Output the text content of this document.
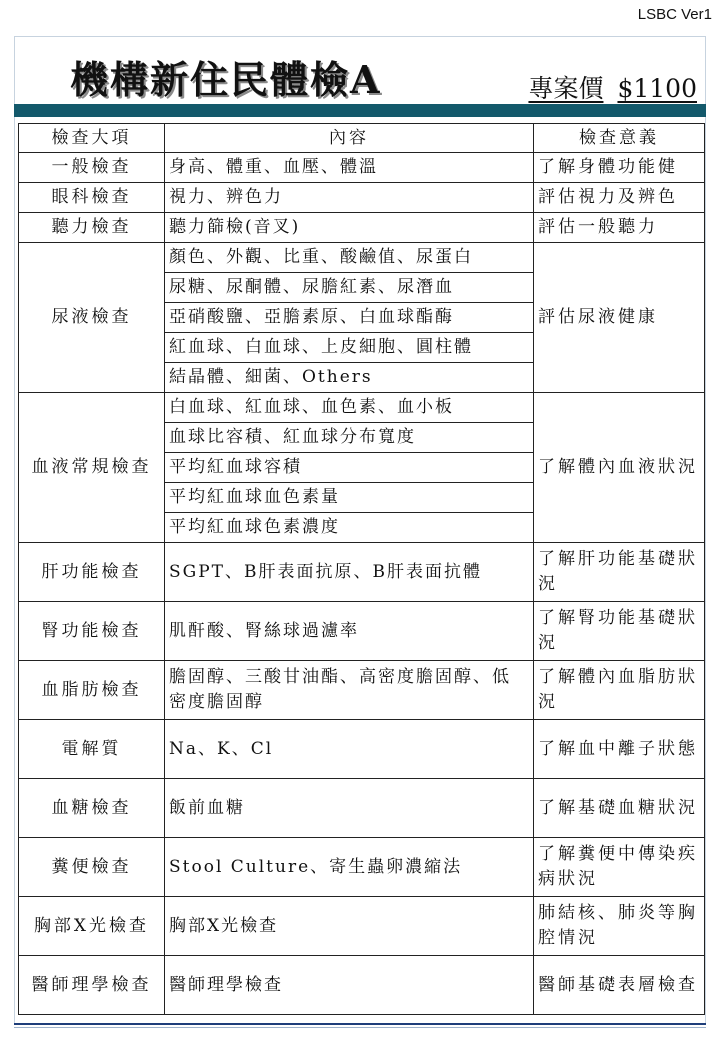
LSBC Ver1
機構新住民體檢A	專案價 $1100
檢查大項	內容	檢查意義
一般檢查	身高、體重、血壓、體溫	了解身體功能健
眼科檢查	視力、辨色力	評估視力及辨色
聽力檢查	聽力篩檢(音叉)	評估一般聽力
尿液檢查	顏色、外觀、比重、酸鹼值、尿蛋白	評估尿液健康
	尿糖、尿酮體、尿膽紅素、尿潛血	
	亞硝酸鹽、亞膽素原、白血球酯酶	
	紅血球、白血球、上皮細胞、圓柱體	
	結晶體、細菌、Others	
血液常規檢查	白血球、紅血球、血色素、血小板	了解體內血液狀況
	血球比容積、紅血球分布寬度	
	平均紅血球容積	
	平均紅血球血色素量	
	平均紅血球色素濃度	
肝功能檢查	SGPT、B肝表面抗原、B肝表面抗體	了解肝功能基礎狀況
腎功能檢查	肌酐酸、腎絲球過濾率	了解腎功能基礎狀況
血脂肪檢查	膽固醇、三酸甘油酯、高密度膽固醇、低密度膽固醇	了解體內血脂肪狀況
電解質	Na、K、Cl	了解血中離子狀態
血糖檢查	飯前血糖	了解基礎血糖狀況
糞便檢查	Stool Culture、寄生蟲卵濃縮法	了解糞便中傳染疾病狀況
胸部X光檢查	胸部X光檢查	肺結核、肺炎等胸腔情況
醫師理學檢查	醫師理學檢查	醫師基礎表層檢查
